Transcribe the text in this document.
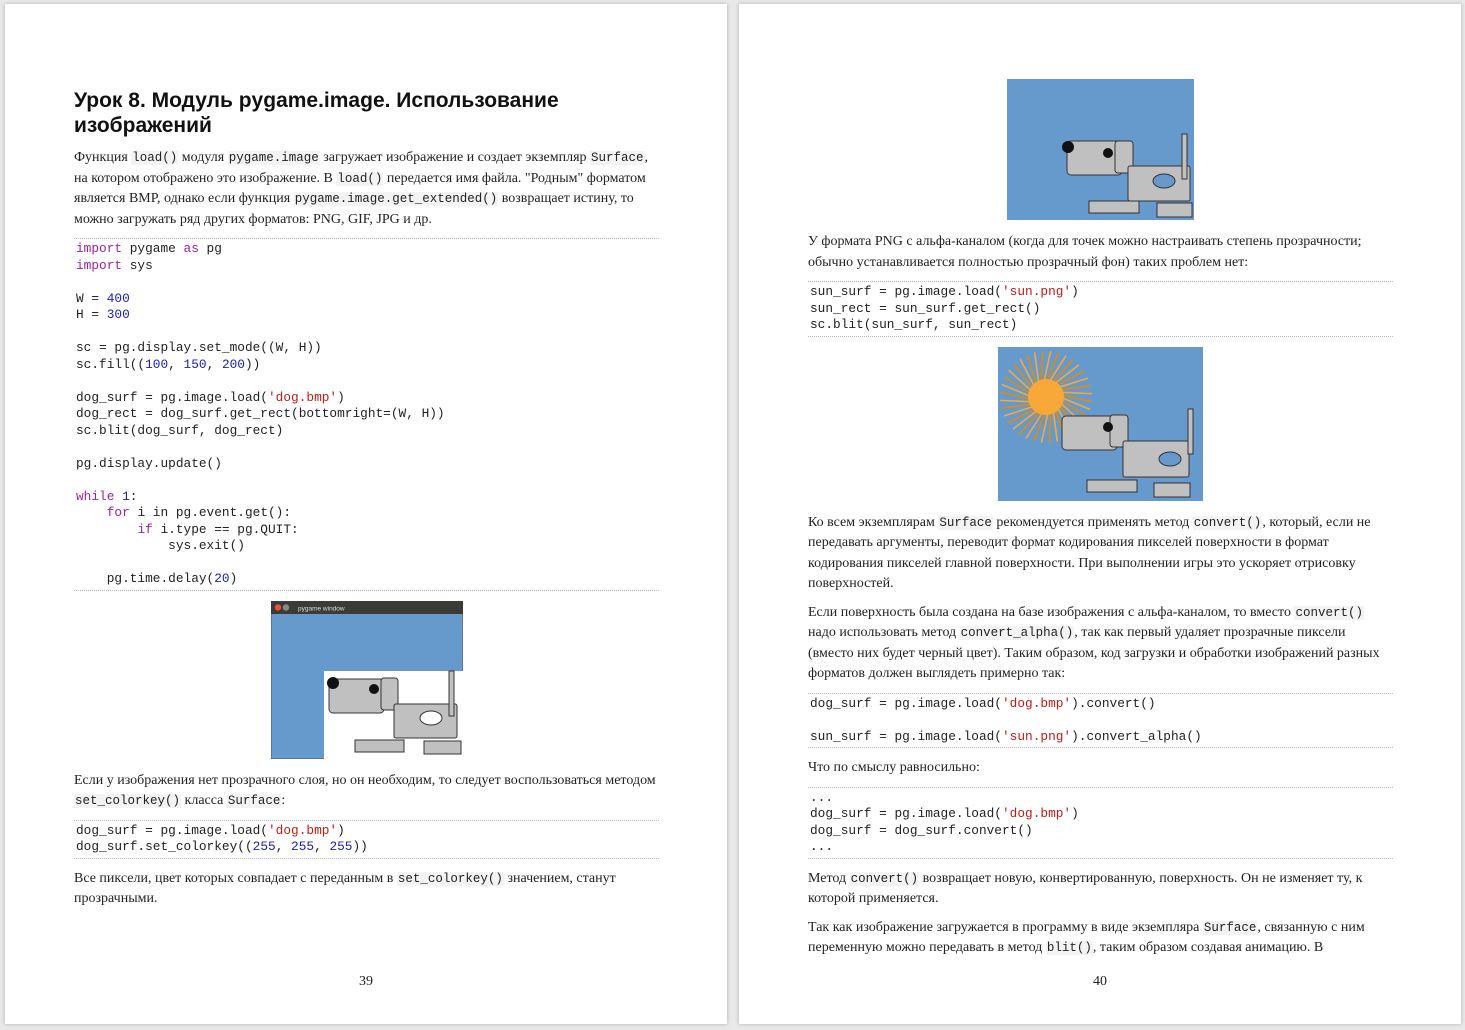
Урок 8. Модуль pygame.image. Использование изображений

Функция load() модуля pygame.image загружает изображение и создает экземпляр Surface, на котором отображено это изображение. В load() передается имя файла. "Родным" форматом является BMP, однако если функция pygame.image.get_extended() возвращает истину, то можно загружать ряд других форматов: PNG, GIF, JPG и др.

import pygame as pg
import sys

W = 400
H = 300

sc = pg.display.set_mode((W, H))
sc.fill((100, 150, 200))

dog_surf = pg.image.load('dog.bmp')
dog_rect = dog_surf.get_rect(bottomright=(W, H))
sc.blit(dog_surf, dog_rect)

pg.display.update()

while 1:
for i in pg.event.get():
if i.type == pg.QUIT:
sys.exit()

pg.time.delay(20)
pygame window

Если у изображения нет прозрачного слоя, но он необходим, то следует воспользоваться методом set_colorkey() класса Surface:

dog_surf = pg.image.load('dog.bmp')
dog_surf.set_colorkey((255, 255, 255))

Все пиксели, цвет которых совпадает с переданным в set_colorkey() значением, станут прозрачными.

39

У формата PNG с альфа-каналом (когда для точек можно настраивать степень прозрачности; обычно устанавливается полностью прозрачный фон) таких проблем нет:

sun_surf = pg.image.load('sun.png')
sun_rect = sun_surf.get_rect()
sc.blit(sun_surf, sun_rect)

Ко всем экземплярам Surface рекомендуется применять метод convert(), который, если не передавать аргументы, переводит формат кодирования пикселей поверхности в формат кодирования пикселей главной поверхности. При выполнении игры это ускоряет отрисовку поверхностей.

Если поверхность была создана на базе изображения с альфа-каналом, то вместо convert() надо использовать метод convert_alpha(), так как первый удаляет прозрачные пиксели (вместо них будет черный цвет). Таким образом, код загрузки и обработки изображений разных форматов должен выглядеть примерно так:

dog_surf = pg.image.load('dog.bmp').convert()

sun_surf = pg.image.load('sun.png').convert_alpha()

Что по смыслу равносильно:

...
dog_surf = pg.image.load('dog.bmp')
dog_surf = dog_surf.convert()
...

Метод convert() возвращает новую, конвертированную, поверхность. Он не изменяет ту, к которой применяется.

Так как изображение загружается в программу в виде экземпляра Surface, связанную с ним переменную можно передавать в метод blit(), таким образом создавая анимацию. В

40
